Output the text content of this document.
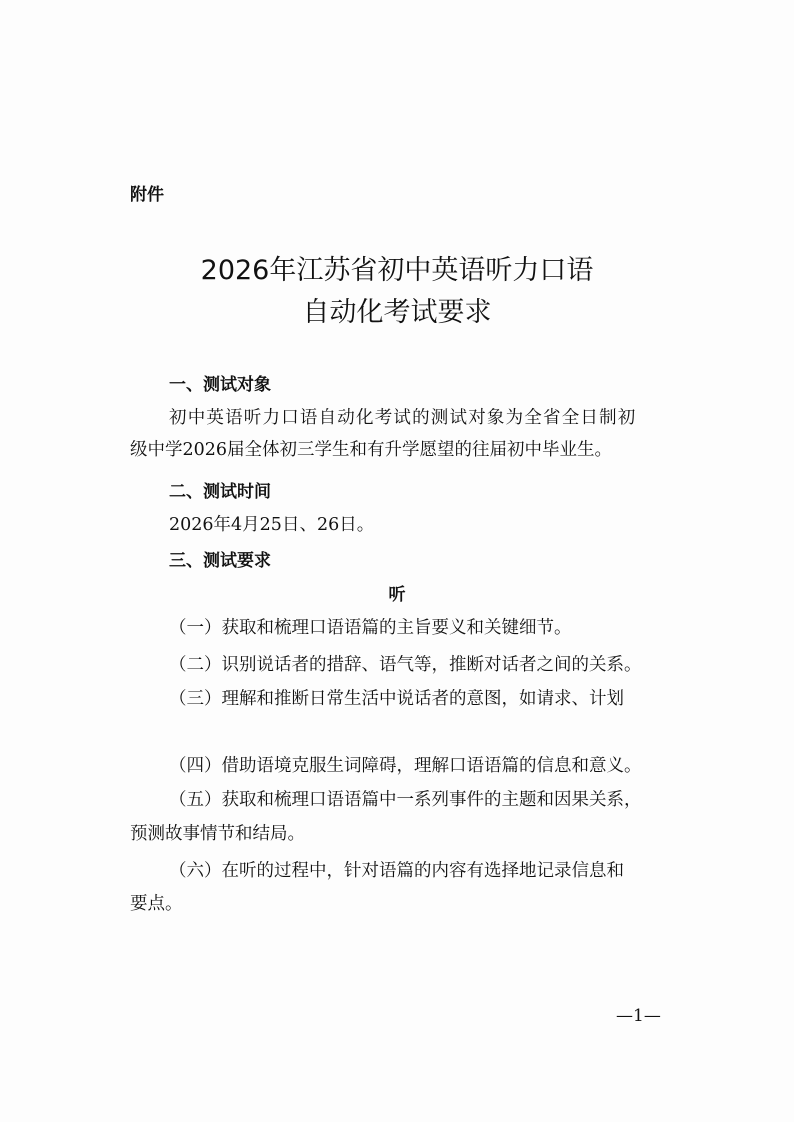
附件
2026年江苏省初中英语听力口语
自动化考试要求
一、测试对象
初中英语听力口语自动化考试的测试对象为全省全日制初
级中学2026届全体初三学生和有升学愿望的往届初中毕业生。
二、测试时间
2026年4月25日、26日。
三、测试要求
听
（一）获取和梳理口语语篇的主旨要义和关键细节。
（二）识别说话者的措辞、语气等，推断对话者之间的关系。
（三）理解和推断日常生活中说话者的意图，如请求、计划
（四）借助语境克服生词障碍，理解口语语篇的信息和意义。
（五）获取和梳理口语语篇中一系列事件的主题和因果关系，
预测故事情节和结局。
（六）在听的过程中，针对语篇的内容有选择地记录信息和
要点。
—1—
